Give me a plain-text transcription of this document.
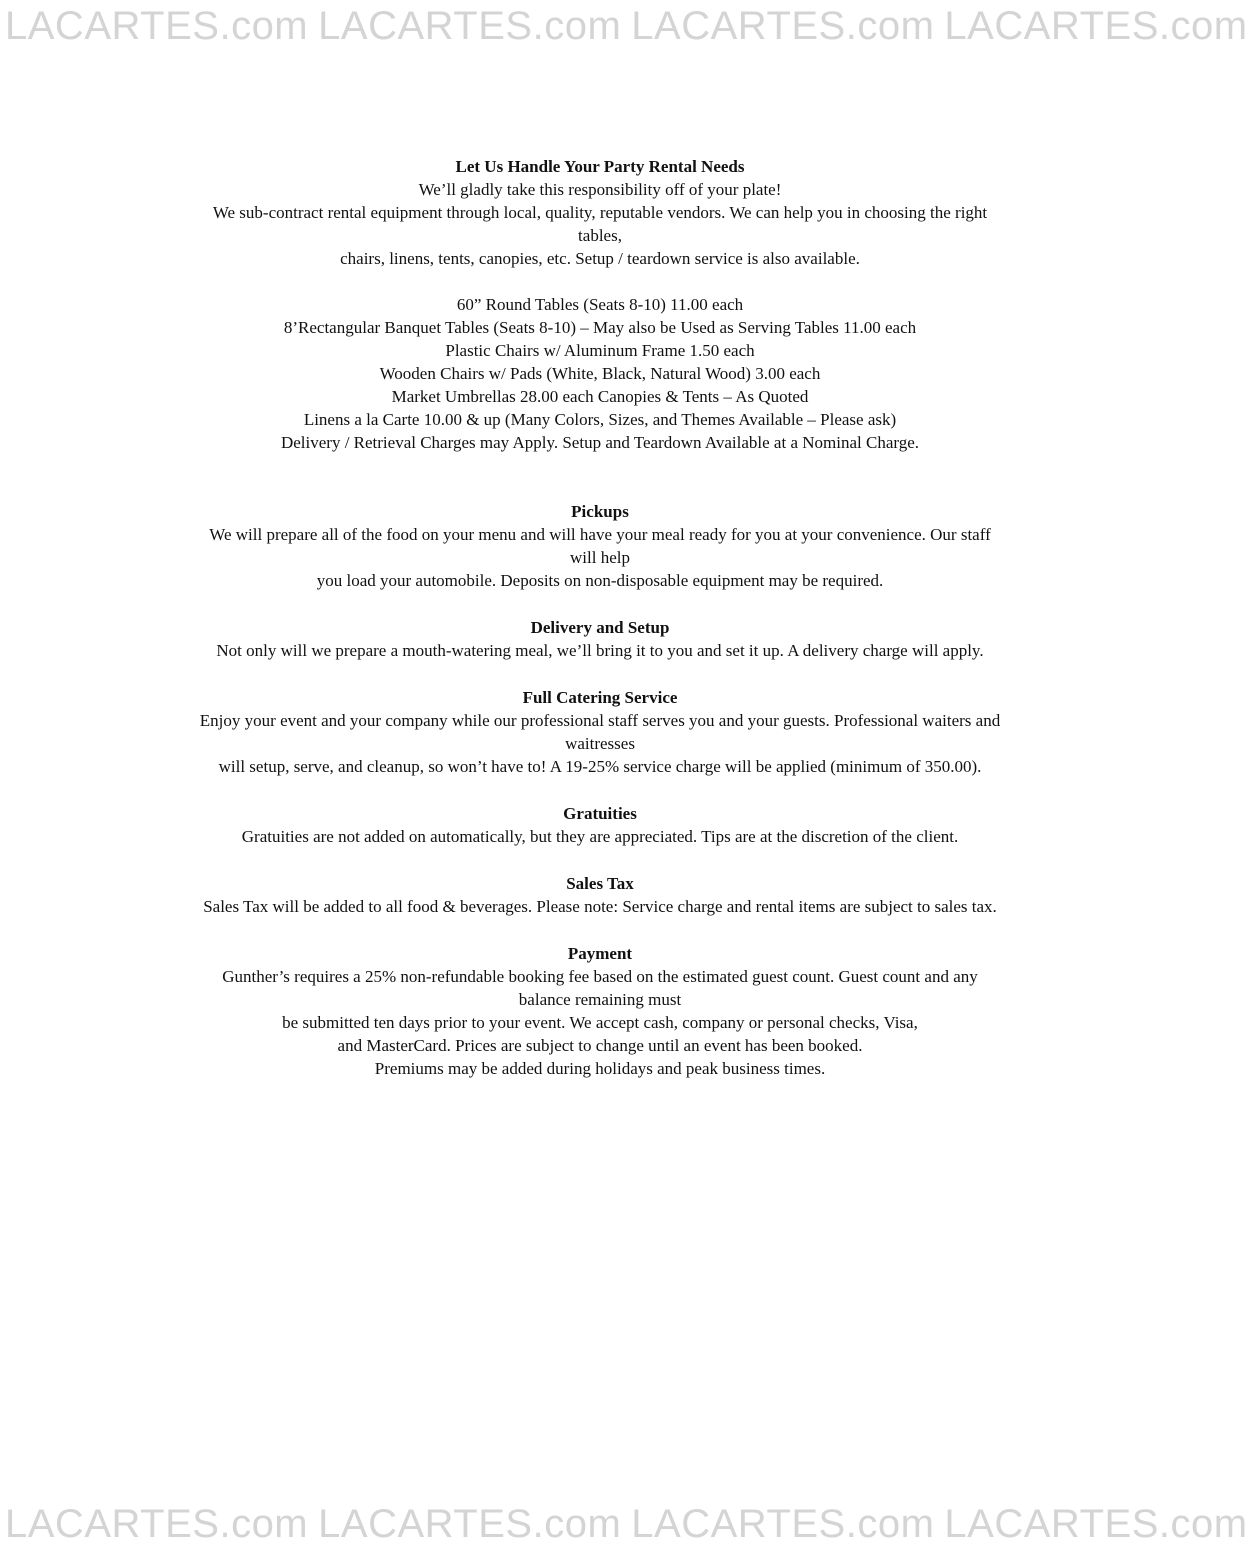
LACARTES.com LACARTES.com LACARTES.com LACARTES.com
Let Us Handle Your Party Rental Needs
We’ll gladly take this responsibility off of your plate!
We sub-contract rental equipment through local, quality, reputable vendors. We can help you in choosing the right
tables,
chairs, linens, tents, canopies, etc. Setup / teardown service is also available.
60” Round Tables (Seats 8-10) 11.00 each
8’Rectangular Banquet Tables (Seats 8-10) – May also be Used as Serving Tables 11.00 each
Plastic Chairs w/ Aluminum Frame 1.50 each
Wooden Chairs w/ Pads (White, Black, Natural Wood) 3.00 each
Market Umbrellas 28.00 each Canopies & Tents – As Quoted
Linens a la Carte 10.00 & up (Many Colors, Sizes, and Themes Available – Please ask)
Delivery / Retrieval Charges may Apply. Setup and Teardown Available at a Nominal Charge.
Pickups
We will prepare all of the food on your menu and will have your meal ready for you at your convenience. Our staff
will help
you load your automobile. Deposits on non-disposable equipment may be required.
Delivery and Setup
Not only will we prepare a mouth-watering meal, we’ll bring it to you and set it up. A delivery charge will apply.
Full Catering Service
Enjoy your event and your company while our professional staff serves you and your guests. Professional waiters and
waitresses
will setup, serve, and cleanup, so won’t have to! A 19-25% service charge will be applied (minimum of 350.00).
Gratuities
Gratuities are not added on automatically, but they are appreciated. Tips are at the discretion of the client.
Sales Tax
Sales Tax will be added to all food & beverages. Please note: Service charge and rental items are subject to sales tax.
Payment
Gunther’s requires a 25% non-refundable booking fee based on the estimated guest count. Guest count and any
balance remaining must
be submitted ten days prior to your event. We accept cash, company or personal checks, Visa,
and MasterCard. Prices are subject to change until an event has been booked.
Premiums may be added during holidays and peak business times.
LACARTES.com LACARTES.com LACARTES.com LACARTES.com
